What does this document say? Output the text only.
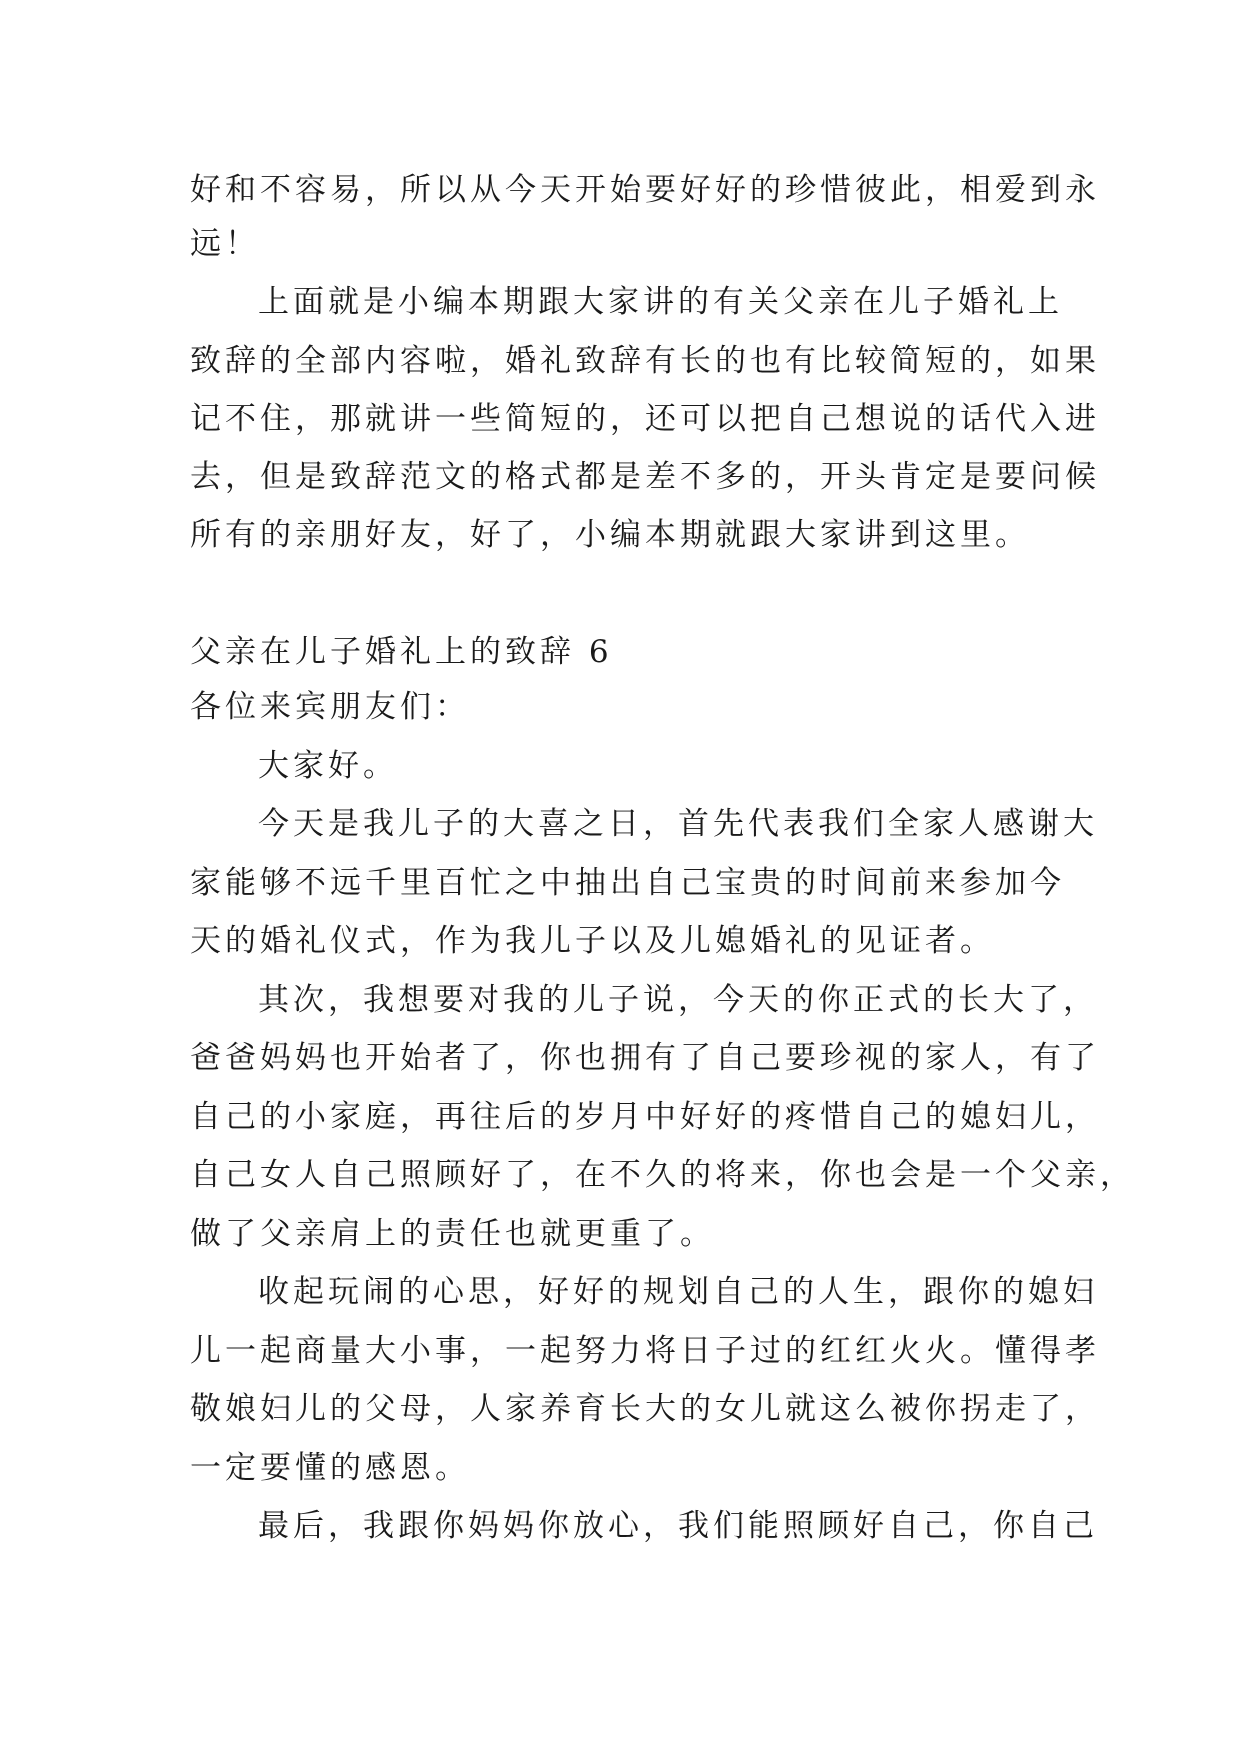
好和不容易，所以从今天开始要好好的珍惜彼此，相爱到永
远！
上面就是小编本期跟大家讲的有关父亲在儿子婚礼上
致辞的全部内容啦，婚礼致辞有长的也有比较简短的，如果
记不住，那就讲一些简短的，还可以把自己想说的话代入进
去，但是致辞范文的格式都是差不多的，开头肯定是要问候
所有的亲朋好友，好了，小编本期就跟大家讲到这里。
父亲在儿子婚礼上的致辞 6
各位来宾朋友们：
大家好。
今天是我儿子的大喜之日，首先代表我们全家人感谢大
家能够不远千里百忙之中抽出自己宝贵的时间前来参加今
天的婚礼仪式，作为我儿子以及儿媳婚礼的见证者。
其次，我想要对我的儿子说，今天的你正式的长大了，
爸爸妈妈也开始者了，你也拥有了自己要珍视的家人，有了
自己的小家庭，再往后的岁月中好好的疼惜自己的媳妇儿，
自己女人自己照顾好了，在不久的将来，你也会是一个父亲，
做了父亲肩上的责任也就更重了。
收起玩闹的心思，好好的规划自己的人生，跟你的媳妇
儿一起商量大小事，一起努力将日子过的红红火火。懂得孝
敬娘妇儿的父母，人家养育长大的女儿就这么被你拐走了，
一定要懂的感恩。
最后，我跟你妈妈你放心，我们能照顾好自己，你自己
